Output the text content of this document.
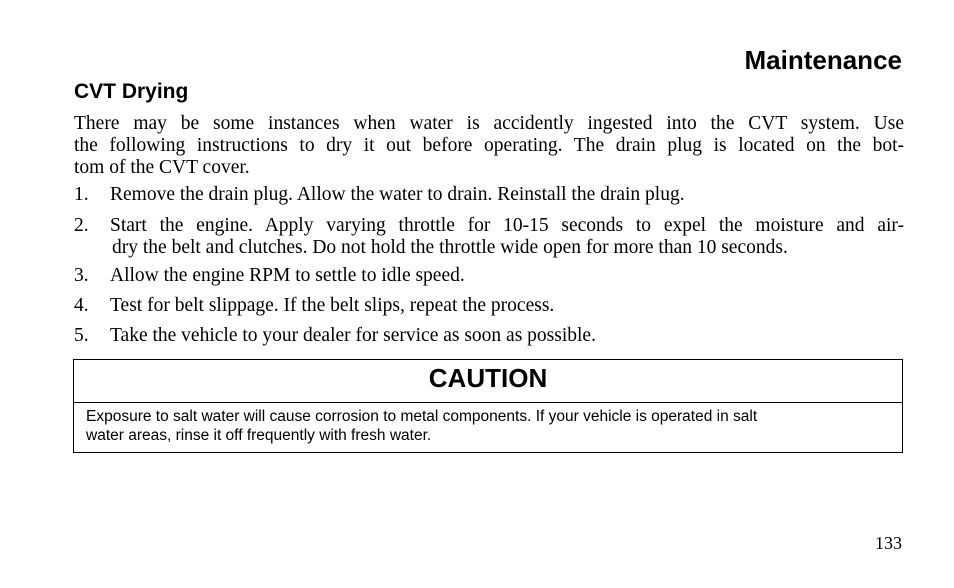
Maintenance
CVT Drying

There may be some instances when water is accidently ingested into the CVT system. Use
the following instructions to dry it out before operating. The drain plug is located on the bot-
tom of the CVT cover.

1. Remove the drain plug. Allow the water to drain. Reinstall the drain plug.
2. Start the engine. Apply varying throttle for 10-15 seconds to expel the moisture and air-
dry the belt and clutches. Do not hold the throttle wide open for more than 10 seconds.
3. Allow the engine RPM to settle to idle speed.
4. Test for belt slippage. If the belt slips, repeat the process.
5. Take the vehicle to your dealer for service as soon as possible.
CAUTION
Exposure to salt water will cause corrosion to metal components. If your vehicle is operated in salt
water areas, rinse it off frequently with fresh water.
133
